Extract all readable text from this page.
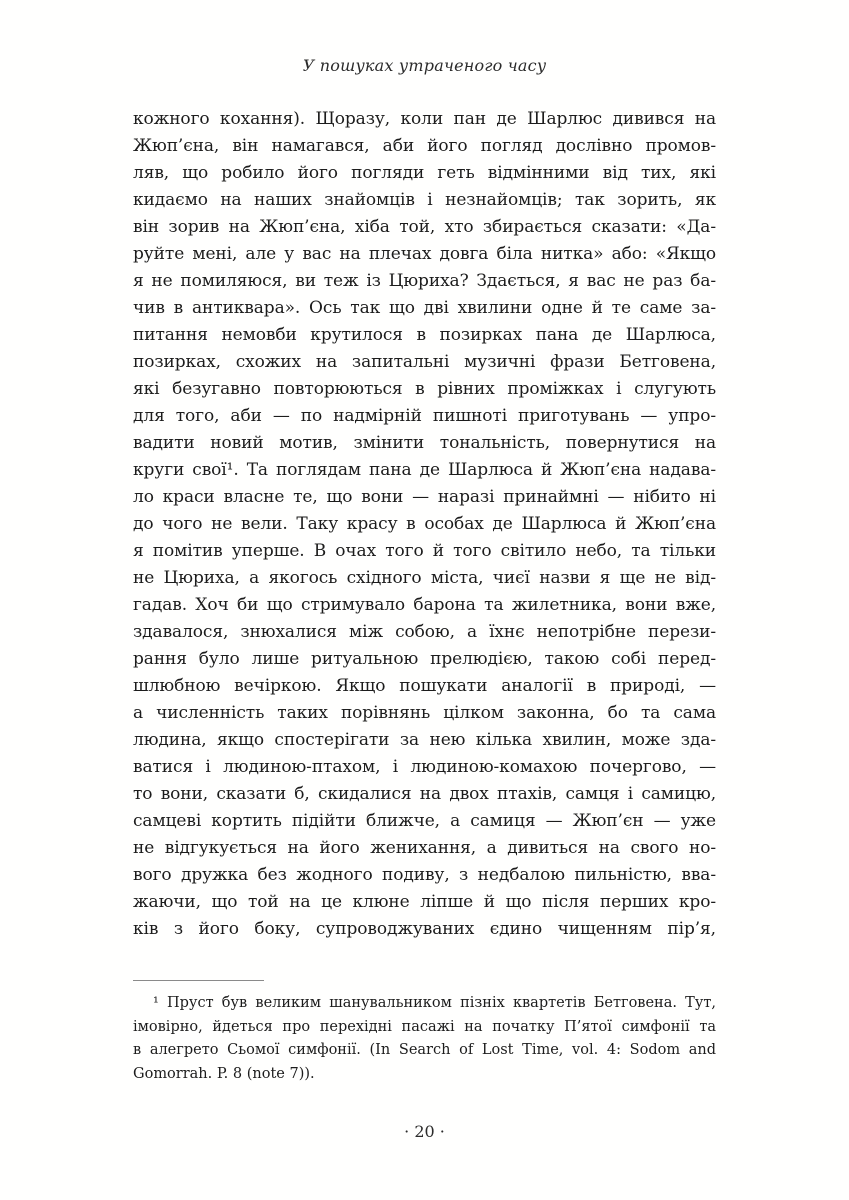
У пошуках утраченого часу
кожного кохання). Щоразу, коли пан де Шарлюс дивився на
Жюп’єна, він намагався, аби його погляд дослівно промов-
ляв, що робило його погляди геть відмінними від тих, які
кидаємо на наших знайомців і незнайомців; так зорить, як
він зорив на Жюп’єна, хіба той, хто збирається сказати: «Да-
руйте мені, але у вас на плечах довга біла нитка» або: «Якщо
я не помиляюся, ви теж із Цюриха? Здається, я вас не раз ба-
чив в антиквара». Ось так що дві хвилини одне й те саме за-
питання немовби крутилося в позирках пана де Шарлюса,
позирках, схожих на запитальні музичні фрази Бетговена,
які безугавно повторюються в рівних проміжках і слугують
для того, аби — по надмірній пишноті приготувань — упро-
вадити новий мотив, змінити тональність, повернутися на
круги свої¹. Та поглядам пана де Шарлюса й Жюп’єна надава-
ло краси власне те, що вони — наразі принаймні — нібито ні
до чого не вели. Таку красу в особах де Шарлюса й Жюп’єна
я помітив уперше. В очах того й того світило небо, та тільки
не Цюриха, а якогось східного міста, чиєї назви я ще не від-
гадав. Хоч би що стримувало барона та жилетника, вони вже,
здавалося, знюхалися між собою, а їхнє непотрібне перези-
рання було лише ритуальною прелюдією, такою собі перед-
шлюбною вечіркою. Якщо пошукати аналогії в природі, —
а численність таких порівнянь цілком законна, бо та сама
людина, якщо спостерігати за нею кілька хвилин, може зда-
ватися і людиною-птахом, і людиною-комахою почергово, —
то вони, сказати б, скидалися на двох птахів, самця і самицю,
самцеві кортить підійти ближче, а самиця — Жюп’єн — уже
не відгукується на його женихання, а дивиться на свого но-
вого дружка без жодного подиву, з недбалою пильністю, вва-
жаючи, що той на це клюне ліпше й що після перших кро-
ків з його боку, супроводжуваних єдино чищенням пір’я,
¹ Пруст був великим шанувальником пізніх квартетів Бетговена. Тут,
імовірно, йдеться про перехідні пасажі на початку П’ятої симфонії та
в алегрето Сьомої симфонії. (In Search of Lost Time, vol. 4: Sodom and
Gomorrah. P. 8 (note 7)).
· 20 ·
